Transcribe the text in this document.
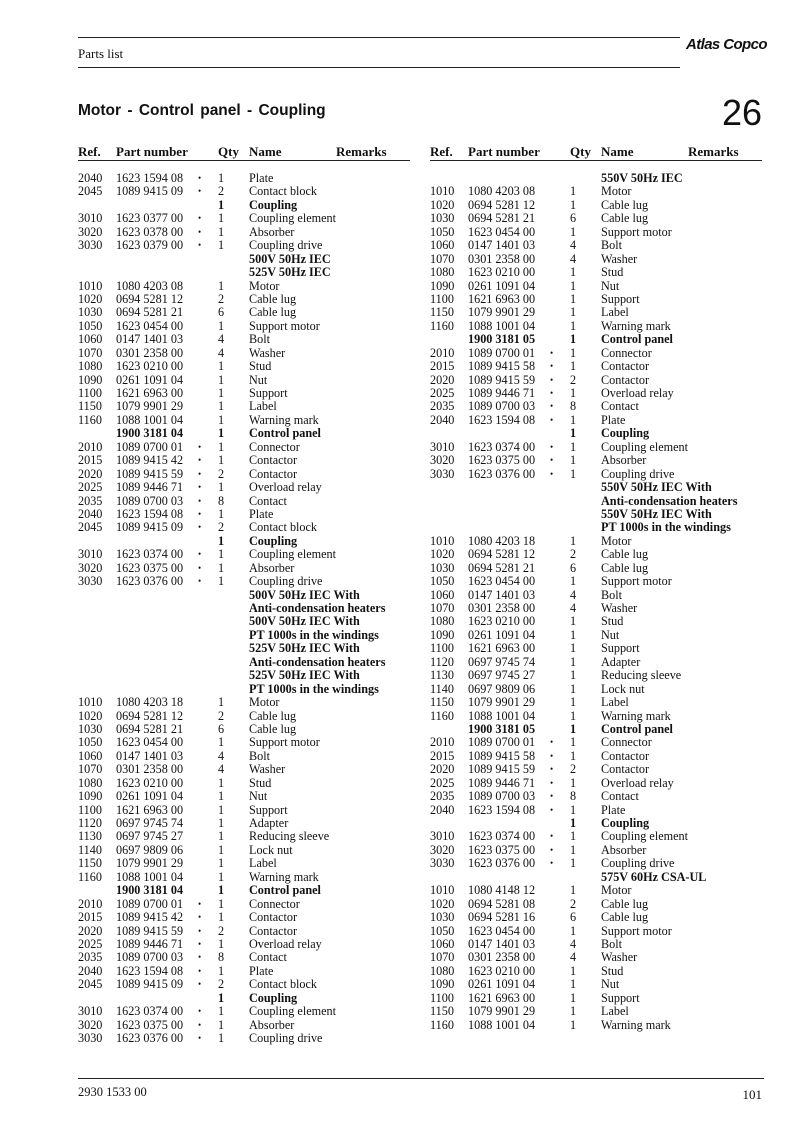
Parts list
Atlas Copco
Motor - Control panel - Coupling	26
Ref. Part number Qty Name	Remarks	Ref. Part number Qty Name	Remarks
2040 1623 1594 08 • 1 Plate
2045 1089 9415 09 • 2 Contact block
1 Coupling
3010 1623 0377 00 • 1 Coupling element
3020 1623 0378 00 • 1 Absorber
3030 1623 0379 00 • 1 Coupling drive
500V 50Hz IEC
525V 50Hz IEC
1010 1080 4203 08	1 Motor
1020 0694 5281 12	2 Cable lug
1030 0694 5281 21	6 Cable lug
1050 1623 0454 00	1 Support motor
1060 0147 1401 03	4 Bolt
1070 0301 2358 00	4 Washer
1080 1623 0210 00	1 Stud
1090 0261 1091 04	1 Nut
1100 1621 6963 00	1 Support
1150 1079 9901 29	1 Label
1160 1088 1001 04	1 Warning mark
1900 3181 04	1 Control panel
2010 1089 0700 01 • 1 Connector
2015 1089 9415 42 • 1 Contactor
2020 1089 9415 59 • 2 Contactor
2025 1089 9446 71 • 1 Overload relay
2035 1089 0700 03 • 8 Contact
2040 1623 1594 08 • 1 Plate
2045 1089 9415 09 • 2 Contact block
1 Coupling
3010 1623 0374 00 • 1 Coupling element
3020 1623 0375 00 • 1 Absorber
3030 1623 0376 00 • 1 Coupling drive
500V 50Hz IEC With
Anti-condensation heaters
500V 50Hz IEC With
PT 1000s in the windings
525V 50Hz IEC With
Anti-condensation heaters
525V 50Hz IEC With
PT 1000s in the windings
1010 1080 4203 18	1 Motor
1020 0694 5281 12	2 Cable lug
1030 0694 5281 21	6 Cable lug
1050 1623 0454 00	1 Support motor
1060 0147 1401 03	4 Bolt
1070 0301 2358 00	4 Washer
1080 1623 0210 00	1 Stud
1090 0261 1091 04	1 Nut
1100 1621 6963 00	1 Support
1120 0697 9745 74	1 Adapter
1130 0697 9745 27	1 Reducing sleeve
1140 0697 9809 06	1 Lock nut
1150 1079 9901 29	1 Label
1160 1088 1001 04	1 Warning mark
1900 3181 04	1 Control panel
2010 1089 0700 01 • 1 Connector
2015 1089 9415 42 • 1 Contactor
2020 1089 9415 59 • 2 Contactor
2025 1089 9446 71 • 1 Overload relay
2035 1089 0700 03 • 8 Contact
2040 1623 1594 08 • 1 Plate
2045 1089 9415 09 • 2 Contact block
1 Coupling
3010 1623 0374 00 • 1 Coupling element
3020 1623 0375 00 • 1 Absorber
3030 1623 0376 00 • 1 Coupling drive
550V 50Hz IEC
1010 1080 4203 08	1 Motor
1020 0694 5281 12	1 Cable lug
1030 0694 5281 21	6 Cable lug
1050 1623 0454 00	1 Support motor
1060 0147 1401 03	4 Bolt
1070 0301 2358 00	4 Washer
1080 1623 0210 00	1 Stud
1090 0261 1091 04	1 Nut
1100 1621 6963 00	1 Support
1150 1079 9901 29	1 Label
1160 1088 1001 04	1 Warning mark
1900 3181 05	1 Control panel
2010 1089 0700 01 • 1 Connector
2015 1089 9415 58 • 1 Contactor
2020 1089 9415 59 • 2 Contactor
2025 1089 9446 71 • 1 Overload relay
2035 1089 0700 03 • 8 Contact
2040 1623 1594 08 • 1 Plate
1 Coupling
3010 1623 0374 00 • 1 Coupling element
3020 1623 0375 00 • 1 Absorber
3030 1623 0376 00 • 1 Coupling drive
550V 50Hz IEC With
Anti-condensation heaters
550V 50Hz IEC With
PT 1000s in the windings
1010 1080 4203 18	1 Motor
1020 0694 5281 12	2 Cable lug
1030 0694 5281 21	6 Cable lug
1050 1623 0454 00	1 Support motor
1060 0147 1401 03	4 Bolt
1070 0301 2358 00	4 Washer
1080 1623 0210 00	1 Stud
1090 0261 1091 04	1 Nut
1100 1621 6963 00	1 Support
1120 0697 9745 74	1 Adapter
1130 0697 9745 27	1 Reducing sleeve
1140 0697 9809 06	1 Lock nut
1150 1079 9901 29	1 Label
1160 1088 1001 04	1 Warning mark
1900 3181 05	1 Control panel
2010 1089 0700 01 • 1 Connector
2015 1089 9415 58 • 1 Contactor
2020 1089 9415 59 • 2 Contactor
2025 1089 9446 71 • 1 Overload relay
2035 1089 0700 03 • 8 Contact
2040 1623 1594 08 • 1 Plate
1 Coupling
3010 1623 0374 00 • 1 Coupling element
3020 1623 0375 00 • 1 Absorber
3030 1623 0376 00 • 1 Coupling drive
575V 60Hz CSA-UL
1010 1080 4148 12	1 Motor
1020 0694 5281 08	2 Cable lug
1030 0694 5281 16	6 Cable lug
1050 1623 0454 00	1 Support motor
1060 0147 1401 03	4 Bolt
1070 0301 2358 00	4 Washer
1080 1623 0210 00	1 Stud
1090 0261 1091 04	1 Nut
1100 1621 6963 00	1 Support
1150 1079 9901 29	1 Label
1160 1088 1001 04	1 Warning mark
2930 1533 00	101
